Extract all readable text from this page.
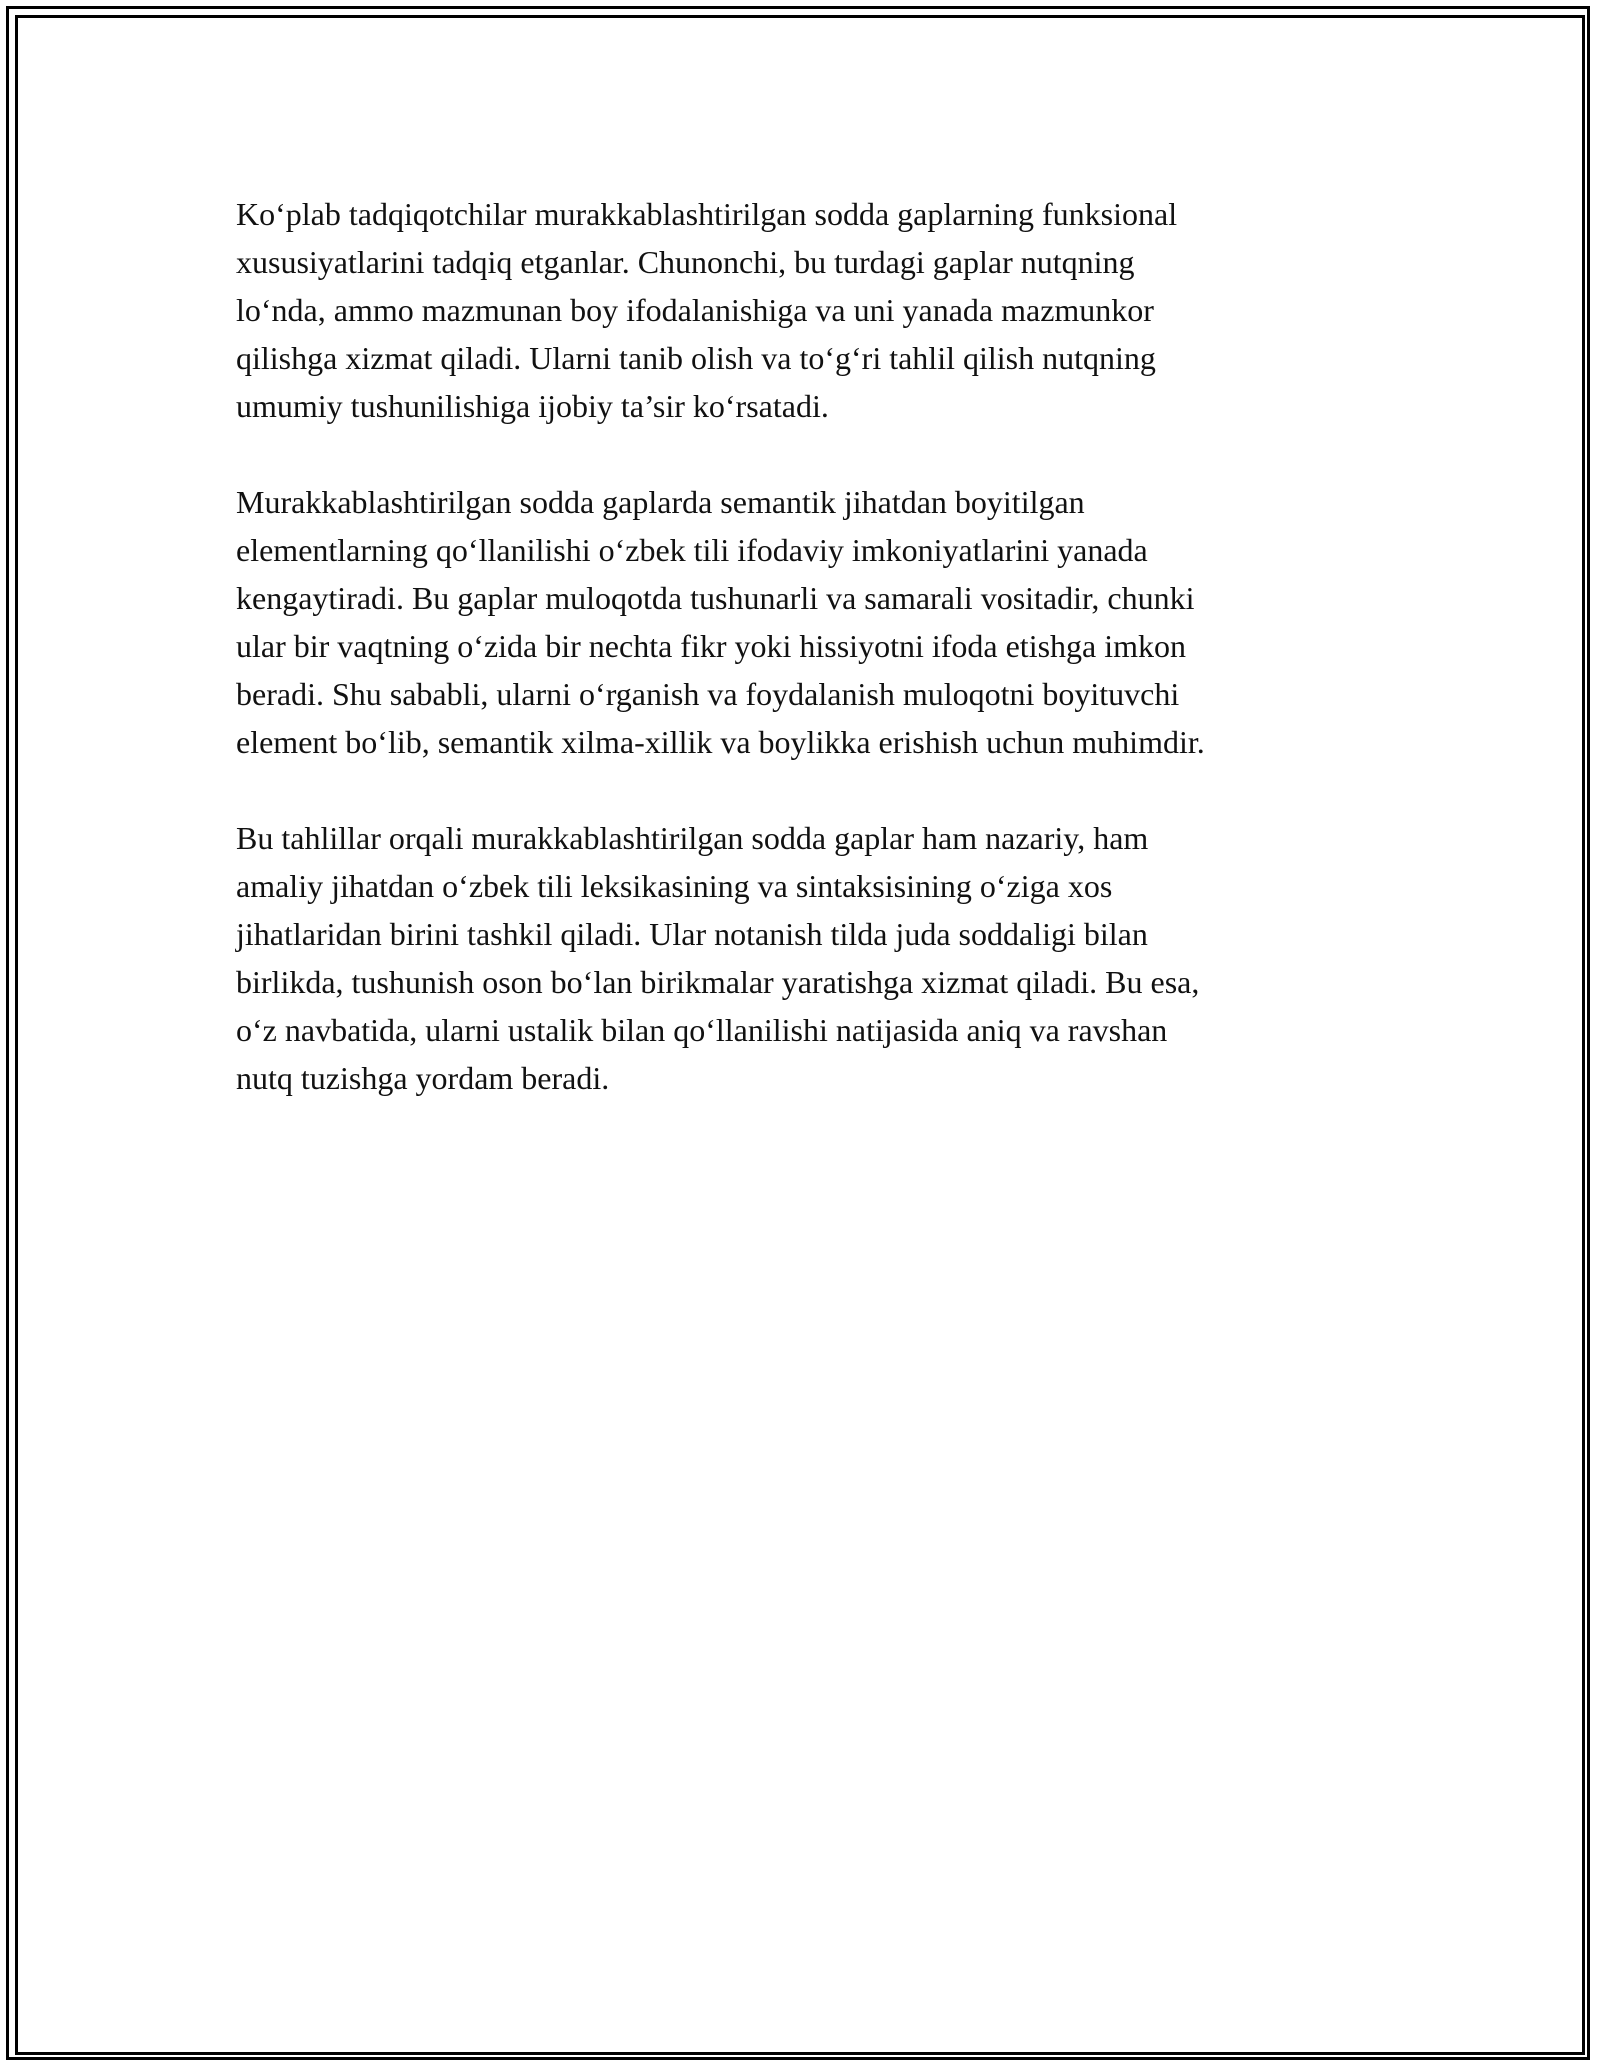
Ko‘plab tadqiqotchilar murakkablashtirilgan sodda gaplarning funksional
xususiyatlarini tadqiq etganlar. Chunonchi, bu turdagi gaplar nutqning
lo‘nda, ammo mazmunan boy ifodalanishiga va uni yanada mazmunkor
qilishga xizmat qiladi. Ularni tanib olish va to‘g‘ri tahlil qilish nutqning
umumiy tushunilishiga ijobiy ta’sir ko‘rsatadi.

Murakkablashtirilgan sodda gaplarda semantik jihatdan boyitilgan
elementlarning qo‘llanilishi o‘zbek tili ifodaviy imkoniyatlarini yanada
kengaytiradi. Bu gaplar muloqotda tushunarli va samarali vositadir, chunki
ular bir vaqtning o‘zida bir nechta fikr yoki hissiyotni ifoda etishga imkon
beradi. Shu sababli, ularni o‘rganish va foydalanish muloqotni boyituvchi
element bo‘lib, semantik xilma-xillik va boylikka erishish uchun muhimdir.

Bu tahlillar orqali murakkablashtirilgan sodda gaplar ham nazariy, ham
amaliy jihatdan o‘zbek tili leksikasining va sintaksisining o‘ziga xos
jihatlaridan birini tashkil qiladi. Ular notanish tilda juda soddaligi bilan
birlikda, tushunish oson bo‘lan birikmalar yaratishga xizmat qiladi. Bu esa,
o‘z navbatida, ularni ustalik bilan qo‘llanilishi natijasida aniq va ravshan
nutq tuzishga yordam beradi.
